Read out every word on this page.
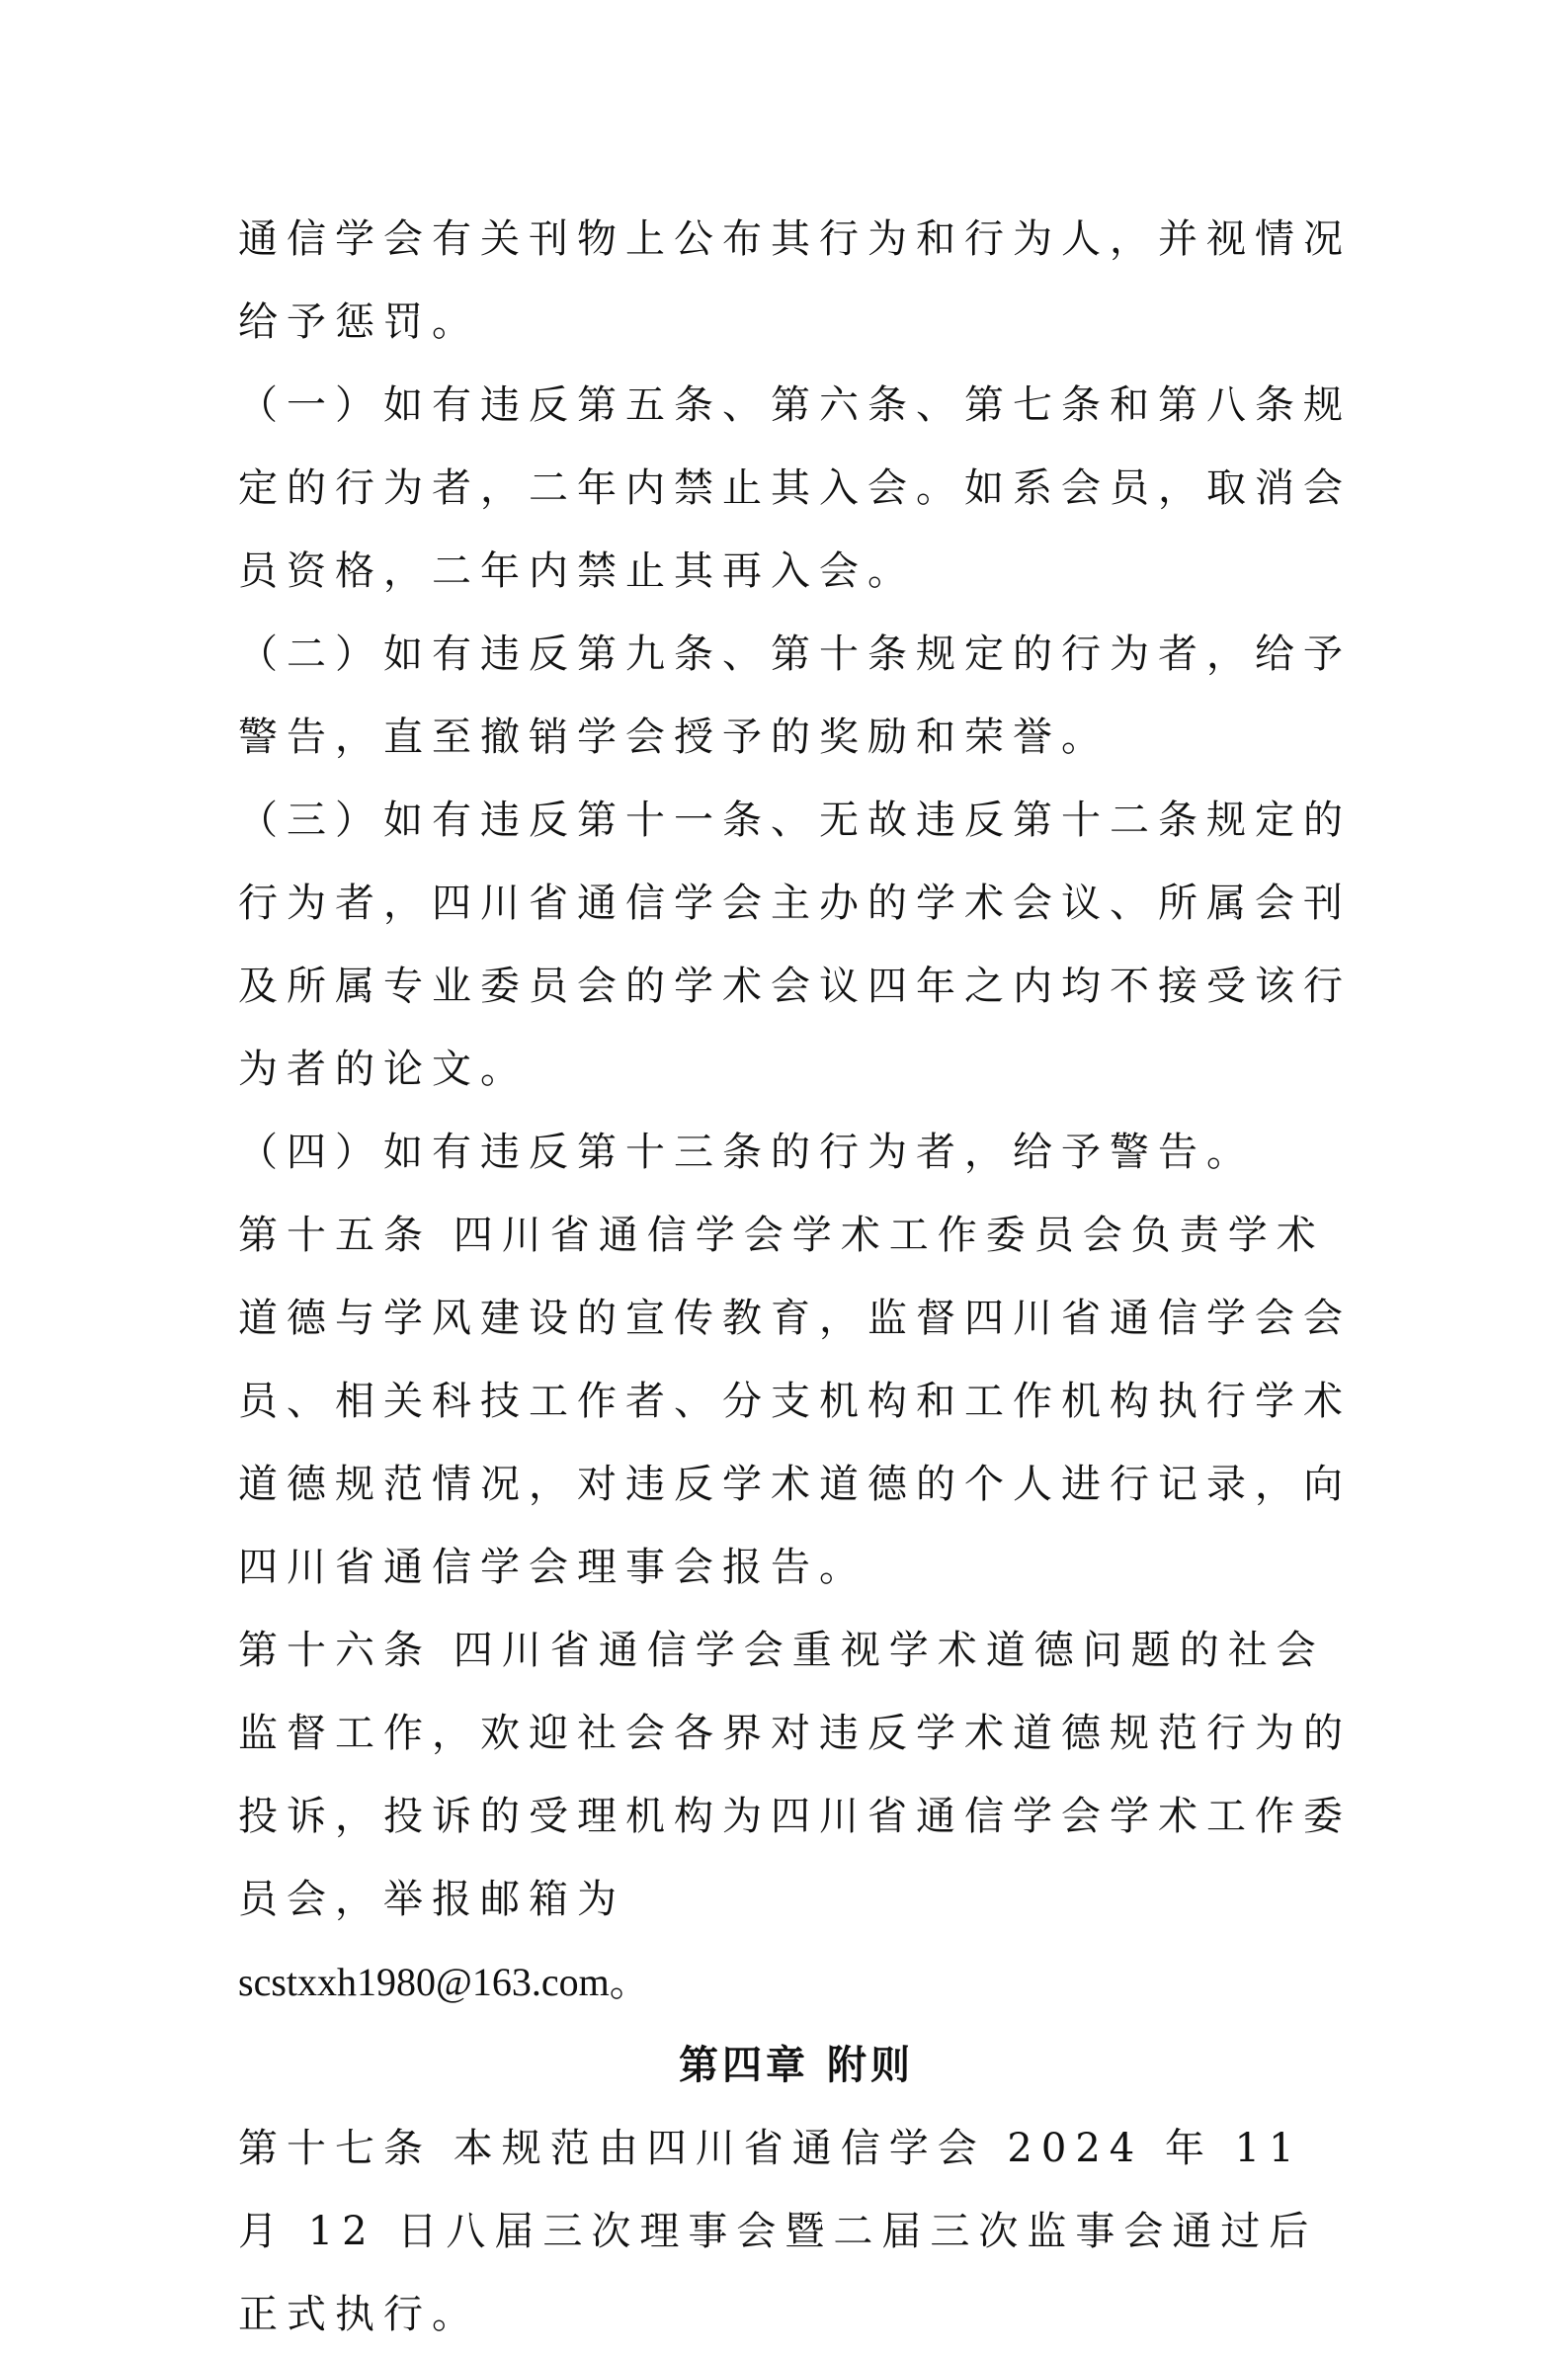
通信学会有关刊物上公布其行为和行为人，并视情况给予惩罚。

（一）如有违反第五条、第六条、第七条和第八条规定的行为者，二年内禁止其入会。如系会员，取消会员资格，二年内禁止其再入会。

（二）如有违反第九条、第十条规定的行为者，给予警告，直至撤销学会授予的奖励和荣誉。

（三）如有违反第十一条、无故违反第十二条规定的行为者，四川省通信学会主办的学术会议、所属会刊及所属专业委员会的学术会议四年之内均不接受该行为者的论文。

（四）如有违反第十三条的行为者，给予警告。

第十五条 四川省通信学会学术工作委员会负责学术道德与学风建设的宣传教育，监督四川省通信学会会员、相关科技工作者、分支机构和工作机构执行学术道德规范情况，对违反学术道德的个人进行记录，向四川省通信学会理事会报告。

第十六条 四川省通信学会重视学术道德问题的社会监督工作，欢迎社会各界对违反学术道德规范行为的投诉，投诉的受理机构为四川省通信学会学术工作委员会，举报邮箱为

scstxxh1980@163.com。

第四章 附则

第十七条 本规范由四川省通信学会 2024 年 11 月 12 日八届三次理事会暨二届三次监事会通过后正式执行。
